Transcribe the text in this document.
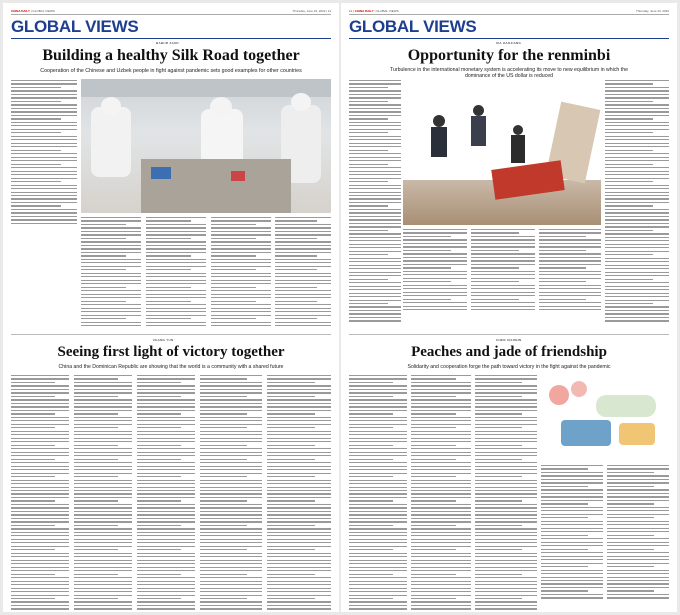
CHINA DAILY | GLOBAL VIEWS	Thursday, June 23, 2022 | 11
GLOBAL VIEWS
BABUR ZAIDI
Building a healthy Silk Road together
Cooperation of the Chinese and Uzbek people in fight against pandemic sets good examples for other countries
ZHANG YUN
Seeing first light of victory together
China and the Dominican Republic are showing that the world is a community with a shared future
12 | CHINA DAILY | GLOBAL VIEWS	Thursday, June 23, 2022
GLOBAL VIEWS
XIA HAOJIANG
Opportunity for the renminbi
Turbulence in the international monetary system is accelerating its move to new equilibrium in which the dominance of the US dollar is reduced
CHEN XIAOBIN
Peaches and jade of friendship
Solidarity and cooperation forge the path toward victory in the fight against the pandemic
